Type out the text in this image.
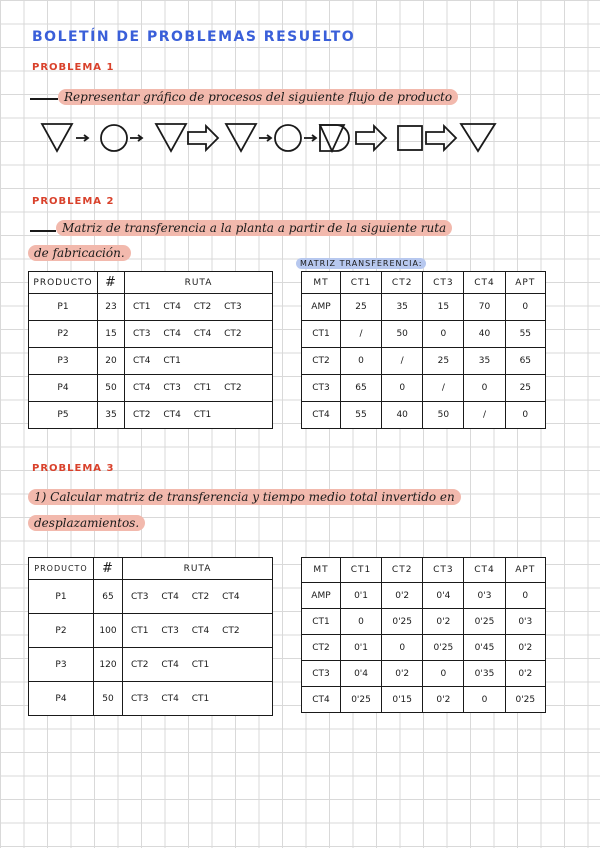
BOLETÍN DE PROBLEMAS RESUELTO
PROBLEMA 1
Representar gráfico de procesos del siguiente flujo de producto
PROBLEMA 2
Matriz de transferencia a la planta a partir de la siguiente ruta
de fabricación.
MATRIZ TRANSFERENCIA:
PRODUCTO	#	RUTA
P1	23	CT1 CT4 CT2 CT3
P2	15	CT3 CT4 CT4 CT2
P3	20	CT4 CT1
P4	50	CT4 CT3 CT1 CT2
P5	35	CT2 CT4 CT1
MT	CT1	CT2	CT3	CT4	APT
AMP	25	35	15	70	0
CT1	/	50	0	40	55
CT2	0	/	25	35	65
CT3	65	0	/	0	25
CT4	55	40	50	/	0
PROBLEMA 3
1) Calcular matriz de transferencia y tiempo medio total invertido en
desplazamientos.
PRODUCTO	#	RUTA
P1	65	CT3 CT4 CT2 CT4
P2	100	CT1 CT3 CT4 CT2
P3	120	CT2 CT4 CT1
P4	50	CT3 CT4 CT1
MT	CT1	CT2	CT3	CT4	APT
AMP	0'1	0'2	0'4	0'3	0
CT1	0	0'25	0'2	0'25	0'3
CT2	0'1	0	0'25	0'45	0'2
CT3	0'4	0'2	0	0'35	0'2
CT4	0'25	0'15	0'2	0	0'25
